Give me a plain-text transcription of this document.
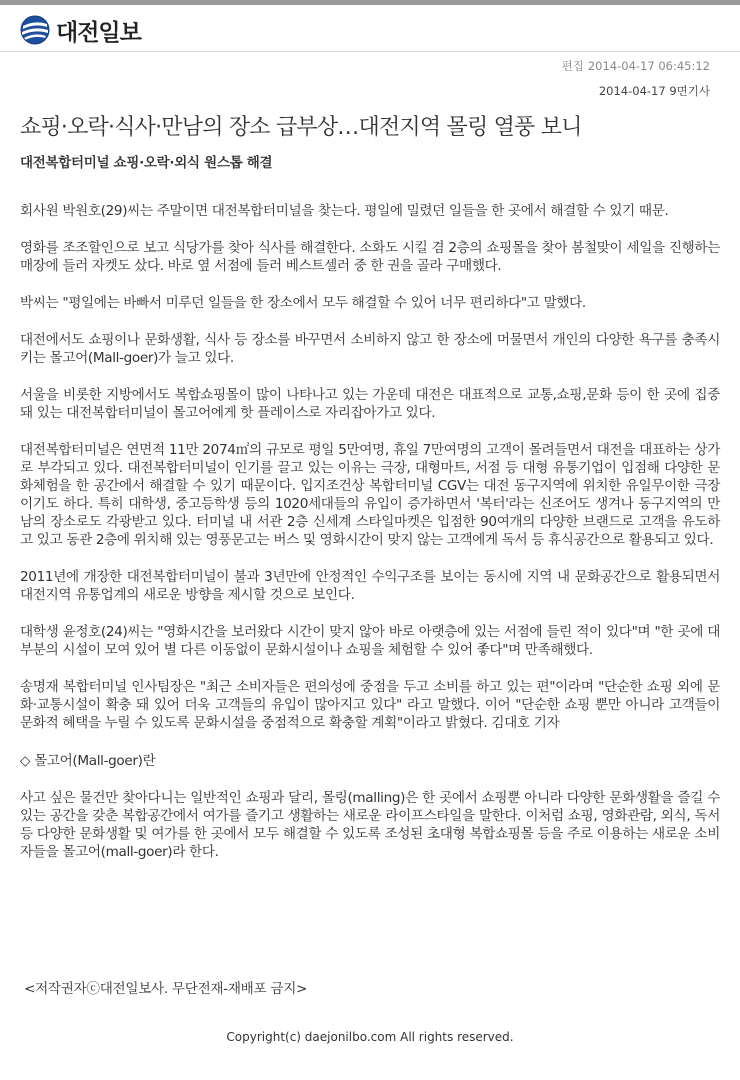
대전일보
편집 2014-04-17 06:45:12
2014-04-17 9면기사
쇼핑·오락·식사·만남의 장소 급부상…대전지역 몰링 열풍 보니
대전복합터미널 쇼핑·오락·외식 원스톱 해결

회사원 박원호(29)씨는 주말이면 대전복합터미널을 찾는다. 평일에 밀렸던 일들을 한 곳에서 해결할 수 있기 때문.

영화를 조조할인으로 보고 식당가를 찾아 식사를 해결한다. 소화도 시킬 겸 2층의 쇼핑몰을 찾아 봄철맞이 세일을 진행하는 매장에 들러 자켓도 샀다. 바로 옆 서점에 들러 베스트셀러 중 한 권을 골라 구매했다.

박씨는 "평일에는 바빠서 미루던 일들을 한 장소에서 모두 해결할 수 있어 너무 편리하다"고 말했다.

대전에서도 쇼핑이나 문화생활, 식사 등 장소를 바꾸면서 소비하지 않고 한 장소에 머물면서 개인의 다양한 욕구를 충족시키는 몰고어(Mall-goer)가 늘고 있다.

서울을 비롯한 지방에서도 복합쇼핑몰이 많이 나타나고 있는 가운데 대전은 대표적으로 교통,쇼핑,문화 등이 한 곳에 집중돼 있는 대전복합터미널이 몰고어에게 핫 플레이스로 자리잡아가고 있다.

대전복합터미널은 연면적 11만 2074㎡의 규모로 평일 5만여명, 휴일 7만여명의 고객이 몰려들면서 대전을 대표하는 상가로 부각되고 있다. 대전복합터미널이 인기를 끌고 있는 이유는 극장, 대형마트, 서점 등 대형 유통기업이 입점해 다양한 문화체험을 한 공간에서 해결할 수 있기 때문이다. 입지조건상 복합터미널 CGV는 대전 동구지역에 위치한 유일무이한 극장이기도 하다. 특히 대학생, 중고등학생 등의 1020세대들의 유입이 증가하면서 '복터'라는 신조어도 생겨나 동구지역의 만남의 장소로도 각광받고 있다. 터미널 내 서관 2층 신세계 스타일마켓은 입점한 90여개의 다양한 브랜드로 고객을 유도하고 있고 동관 2층에 위치해 있는 영풍문고는 버스 및 영화시간이 맞지 않는 고객에게 독서 등 휴식공간으로 활용되고 있다.

2011년에 개장한 대전복합터미널이 불과 3년만에 안정적인 수익구조를 보이는 동시에 지역 내 문화공간으로 활용되면서 대전지역 유통업계의 새로운 방향을 제시할 것으로 보인다.

대학생 윤정호(24)씨는 "영화시간을 보러왔다 시간이 맞지 않아 바로 아랫층에 있는 서점에 들린 적이 있다"며 "한 곳에 대부분의 시설이 모여 있어 별 다른 이동없이 문화시설이나 쇼핑을 체험할 수 있어 좋다"며 만족해했다.

송명재 복합터미널 인사팀장은 "최근 소비자들은 편의성에 중점을 두고 소비를 하고 있는 편"이라며 "단순한 쇼핑 외에 문화·교통시설이 확충 돼 있어 더욱 고객들의 유입이 많아지고 있다" 라고 말했다. 이어 "단순한 쇼핑 뿐만 아니라 고객들이 문화적 혜택을 누릴 수 있도록 문화시설을 중점적으로 확충할 계획"이라고 밝혔다. 김대호 기자

◇ 몰고어(Mall-goer)란

사고 싶은 물건만 찾아다니는 일반적인 쇼핑과 달리, 몰링(malling)은 한 곳에서 쇼핑뿐 아니라 다양한 문화생활을 즐길 수 있는 공간을 갖춘 복합공간에서 여가를 즐기고 생활하는 새로운 라이프스타일을 말한다. 이처럼 쇼핑, 영화관람, 외식, 독서 등 다양한 문화생활 및 여가를 한 곳에서 모두 해결할 수 있도록 조성된 초대형 복합쇼핑몰 등을 주로 이용하는 새로운 소비자들을 몰고어(mall-goer)라 한다.

<저작권자ⓒ대전일보사. 무단전재-재배포 금지>
Copyright(c) daejonilbo.com All rights reserved.
